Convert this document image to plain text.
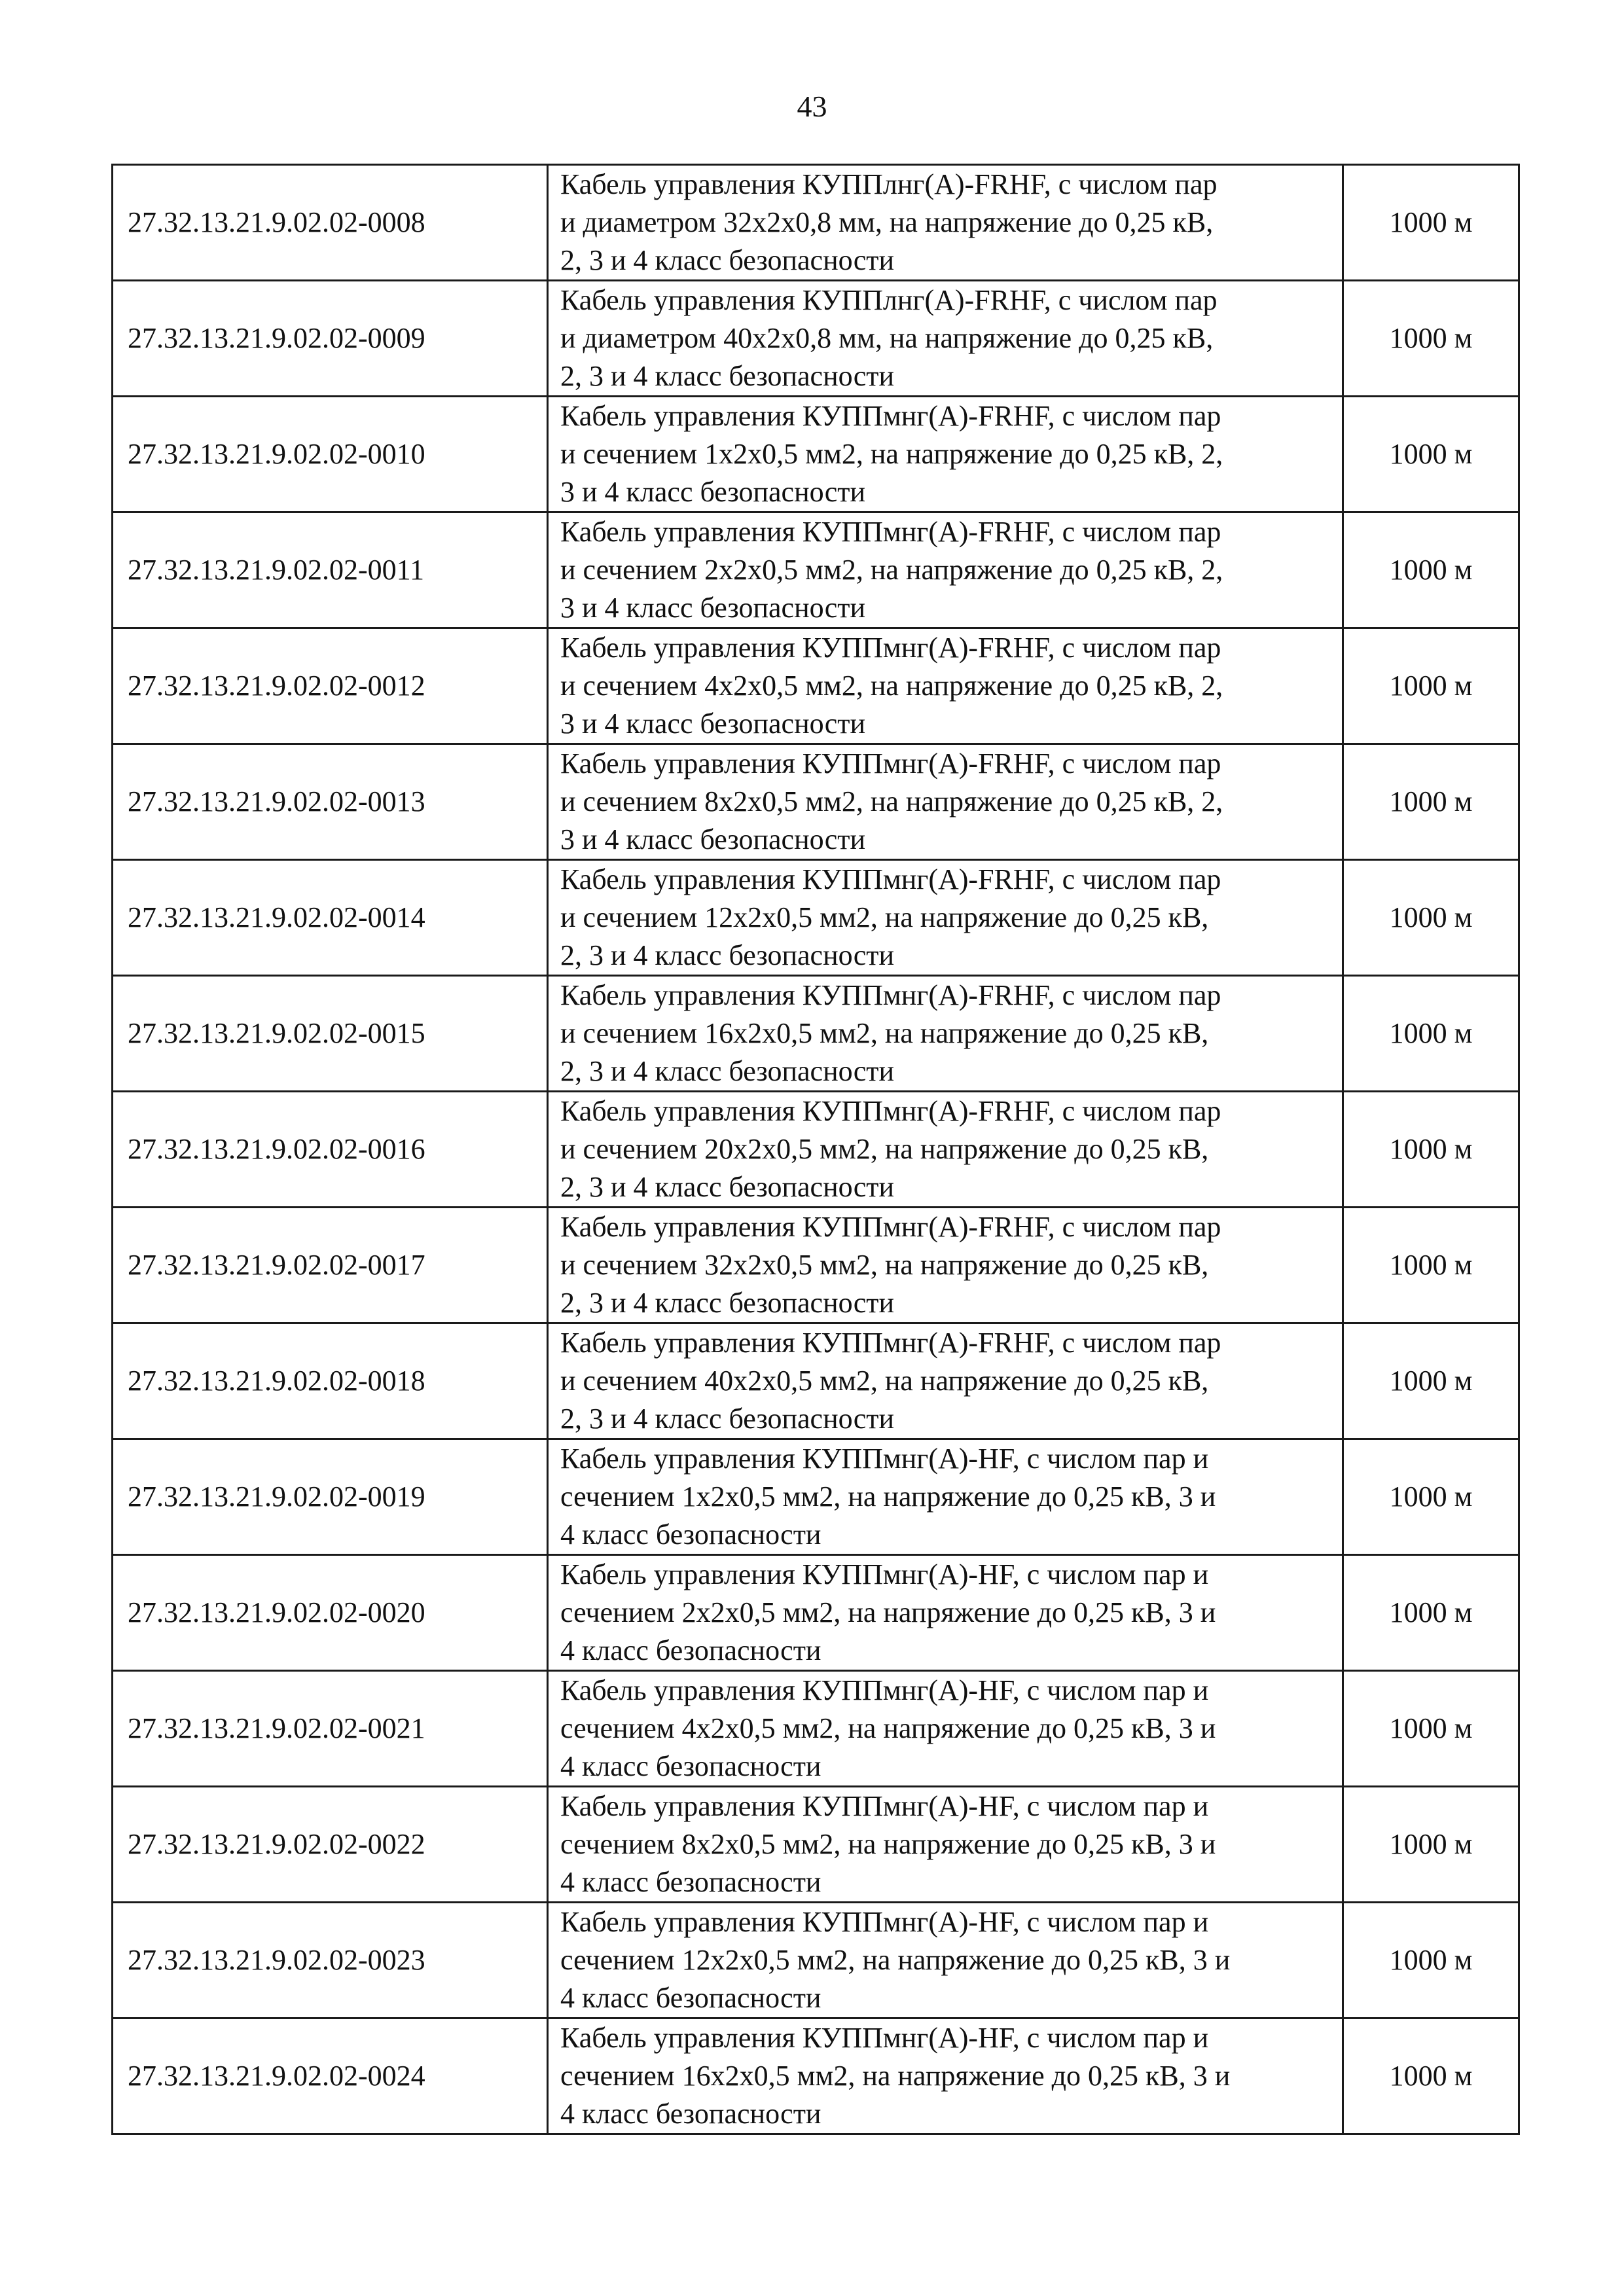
43
27.32.13.21.9.02.02-0008	Кабель управления КУППлнг(А)-FRHF, с числом пар
и диаметром 32x2x0,8 мм, на напряжение до 0,25 кВ,
2, 3 и 4 класс безопасности	1000 м
27.32.13.21.9.02.02-0009	Кабель управления КУППлнг(А)-FRHF, с числом пар
и диаметром 40x2x0,8 мм, на напряжение до 0,25 кВ,
2, 3 и 4 класс безопасности	1000 м
27.32.13.21.9.02.02-0010	Кабель управления КУППмнг(А)-FRHF, с числом пар
и сечением 1x2x0,5 мм2, на напряжение до 0,25 кВ, 2,
3 и 4 класс безопасности	1000 м
27.32.13.21.9.02.02-0011	Кабель управления КУППмнг(А)-FRHF, с числом пар
и сечением 2x2x0,5 мм2, на напряжение до 0,25 кВ, 2,
3 и 4 класс безопасности	1000 м
27.32.13.21.9.02.02-0012	Кабель управления КУППмнг(А)-FRHF, с числом пар
и сечением 4x2x0,5 мм2, на напряжение до 0,25 кВ, 2,
3 и 4 класс безопасности	1000 м
27.32.13.21.9.02.02-0013	Кабель управления КУППмнг(А)-FRHF, с числом пар
и сечением 8x2x0,5 мм2, на напряжение до 0,25 кВ, 2,
3 и 4 класс безопасности	1000 м
27.32.13.21.9.02.02-0014	Кабель управления КУППмнг(А)-FRHF, с числом пар
и сечением 12x2x0,5 мм2, на напряжение до 0,25 кВ,
2, 3 и 4 класс безопасности	1000 м
27.32.13.21.9.02.02-0015	Кабель управления КУППмнг(А)-FRHF, с числом пар
и сечением 16x2x0,5 мм2, на напряжение до 0,25 кВ,
2, 3 и 4 класс безопасности	1000 м
27.32.13.21.9.02.02-0016	Кабель управления КУППмнг(А)-FRHF, с числом пар
и сечением 20x2x0,5 мм2, на напряжение до 0,25 кВ,
2, 3 и 4 класс безопасности	1000 м
27.32.13.21.9.02.02-0017	Кабель управления КУППмнг(А)-FRHF, с числом пар
и сечением 32x2x0,5 мм2, на напряжение до 0,25 кВ,
2, 3 и 4 класс безопасности	1000 м
27.32.13.21.9.02.02-0018	Кабель управления КУППмнг(А)-FRHF, с числом пар
и сечением 40x2x0,5 мм2, на напряжение до 0,25 кВ,
2, 3 и 4 класс безопасности	1000 м
27.32.13.21.9.02.02-0019	Кабель управления КУППмнг(А)-HF, с числом пар и
сечением 1x2x0,5 мм2, на напряжение до 0,25 кВ, 3 и
4 класс безопасности	1000 м
27.32.13.21.9.02.02-0020	Кабель управления КУППмнг(А)-HF, с числом пар и
сечением 2x2x0,5 мм2, на напряжение до 0,25 кВ, 3 и
4 класс безопасности	1000 м
27.32.13.21.9.02.02-0021	Кабель управления КУППмнг(А)-HF, с числом пар и
сечением 4x2x0,5 мм2, на напряжение до 0,25 кВ, 3 и
4 класс безопасности	1000 м
27.32.13.21.9.02.02-0022	Кабель управления КУППмнг(А)-HF, с числом пар и
сечением 8x2x0,5 мм2, на напряжение до 0,25 кВ, 3 и
4 класс безопасности	1000 м
27.32.13.21.9.02.02-0023	Кабель управления КУППмнг(А)-HF, с числом пар и
сечением 12x2x0,5 мм2, на напряжение до 0,25 кВ, 3 и
4 класс безопасности	1000 м
27.32.13.21.9.02.02-0024	Кабель управления КУППмнг(А)-HF, с числом пар и
сечением 16x2x0,5 мм2, на напряжение до 0,25 кВ, 3 и
4 класс безопасности	1000 м
